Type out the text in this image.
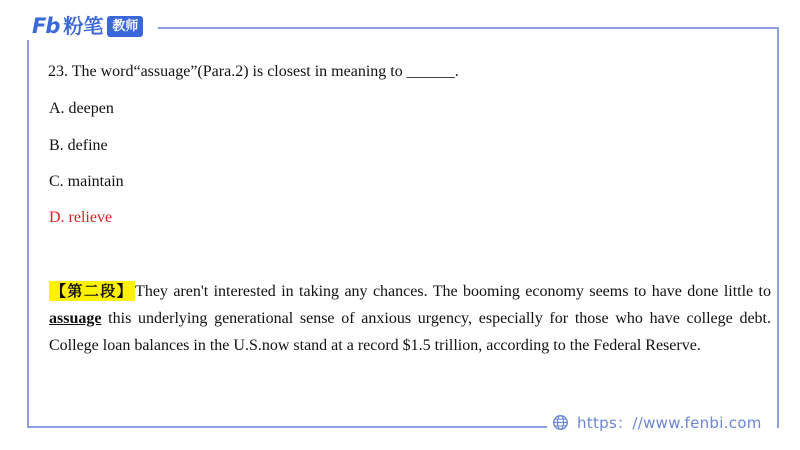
Fb 粉笔 教师
23. The word“assuage”(Para.2) is closest in meaning to ______.
A. deepen
B. define
C. maintain
D. relieve
【第二段】 They aren't interested in taking any chances. The booming economy seems to have done little to assuage this underlying generational sense of anxious urgency, especially for those who have college debt. College loan balances in the U.S.now stand at a record $1.5 trillion, according to the Federal Reserve.
https：//www.fenbi.com
